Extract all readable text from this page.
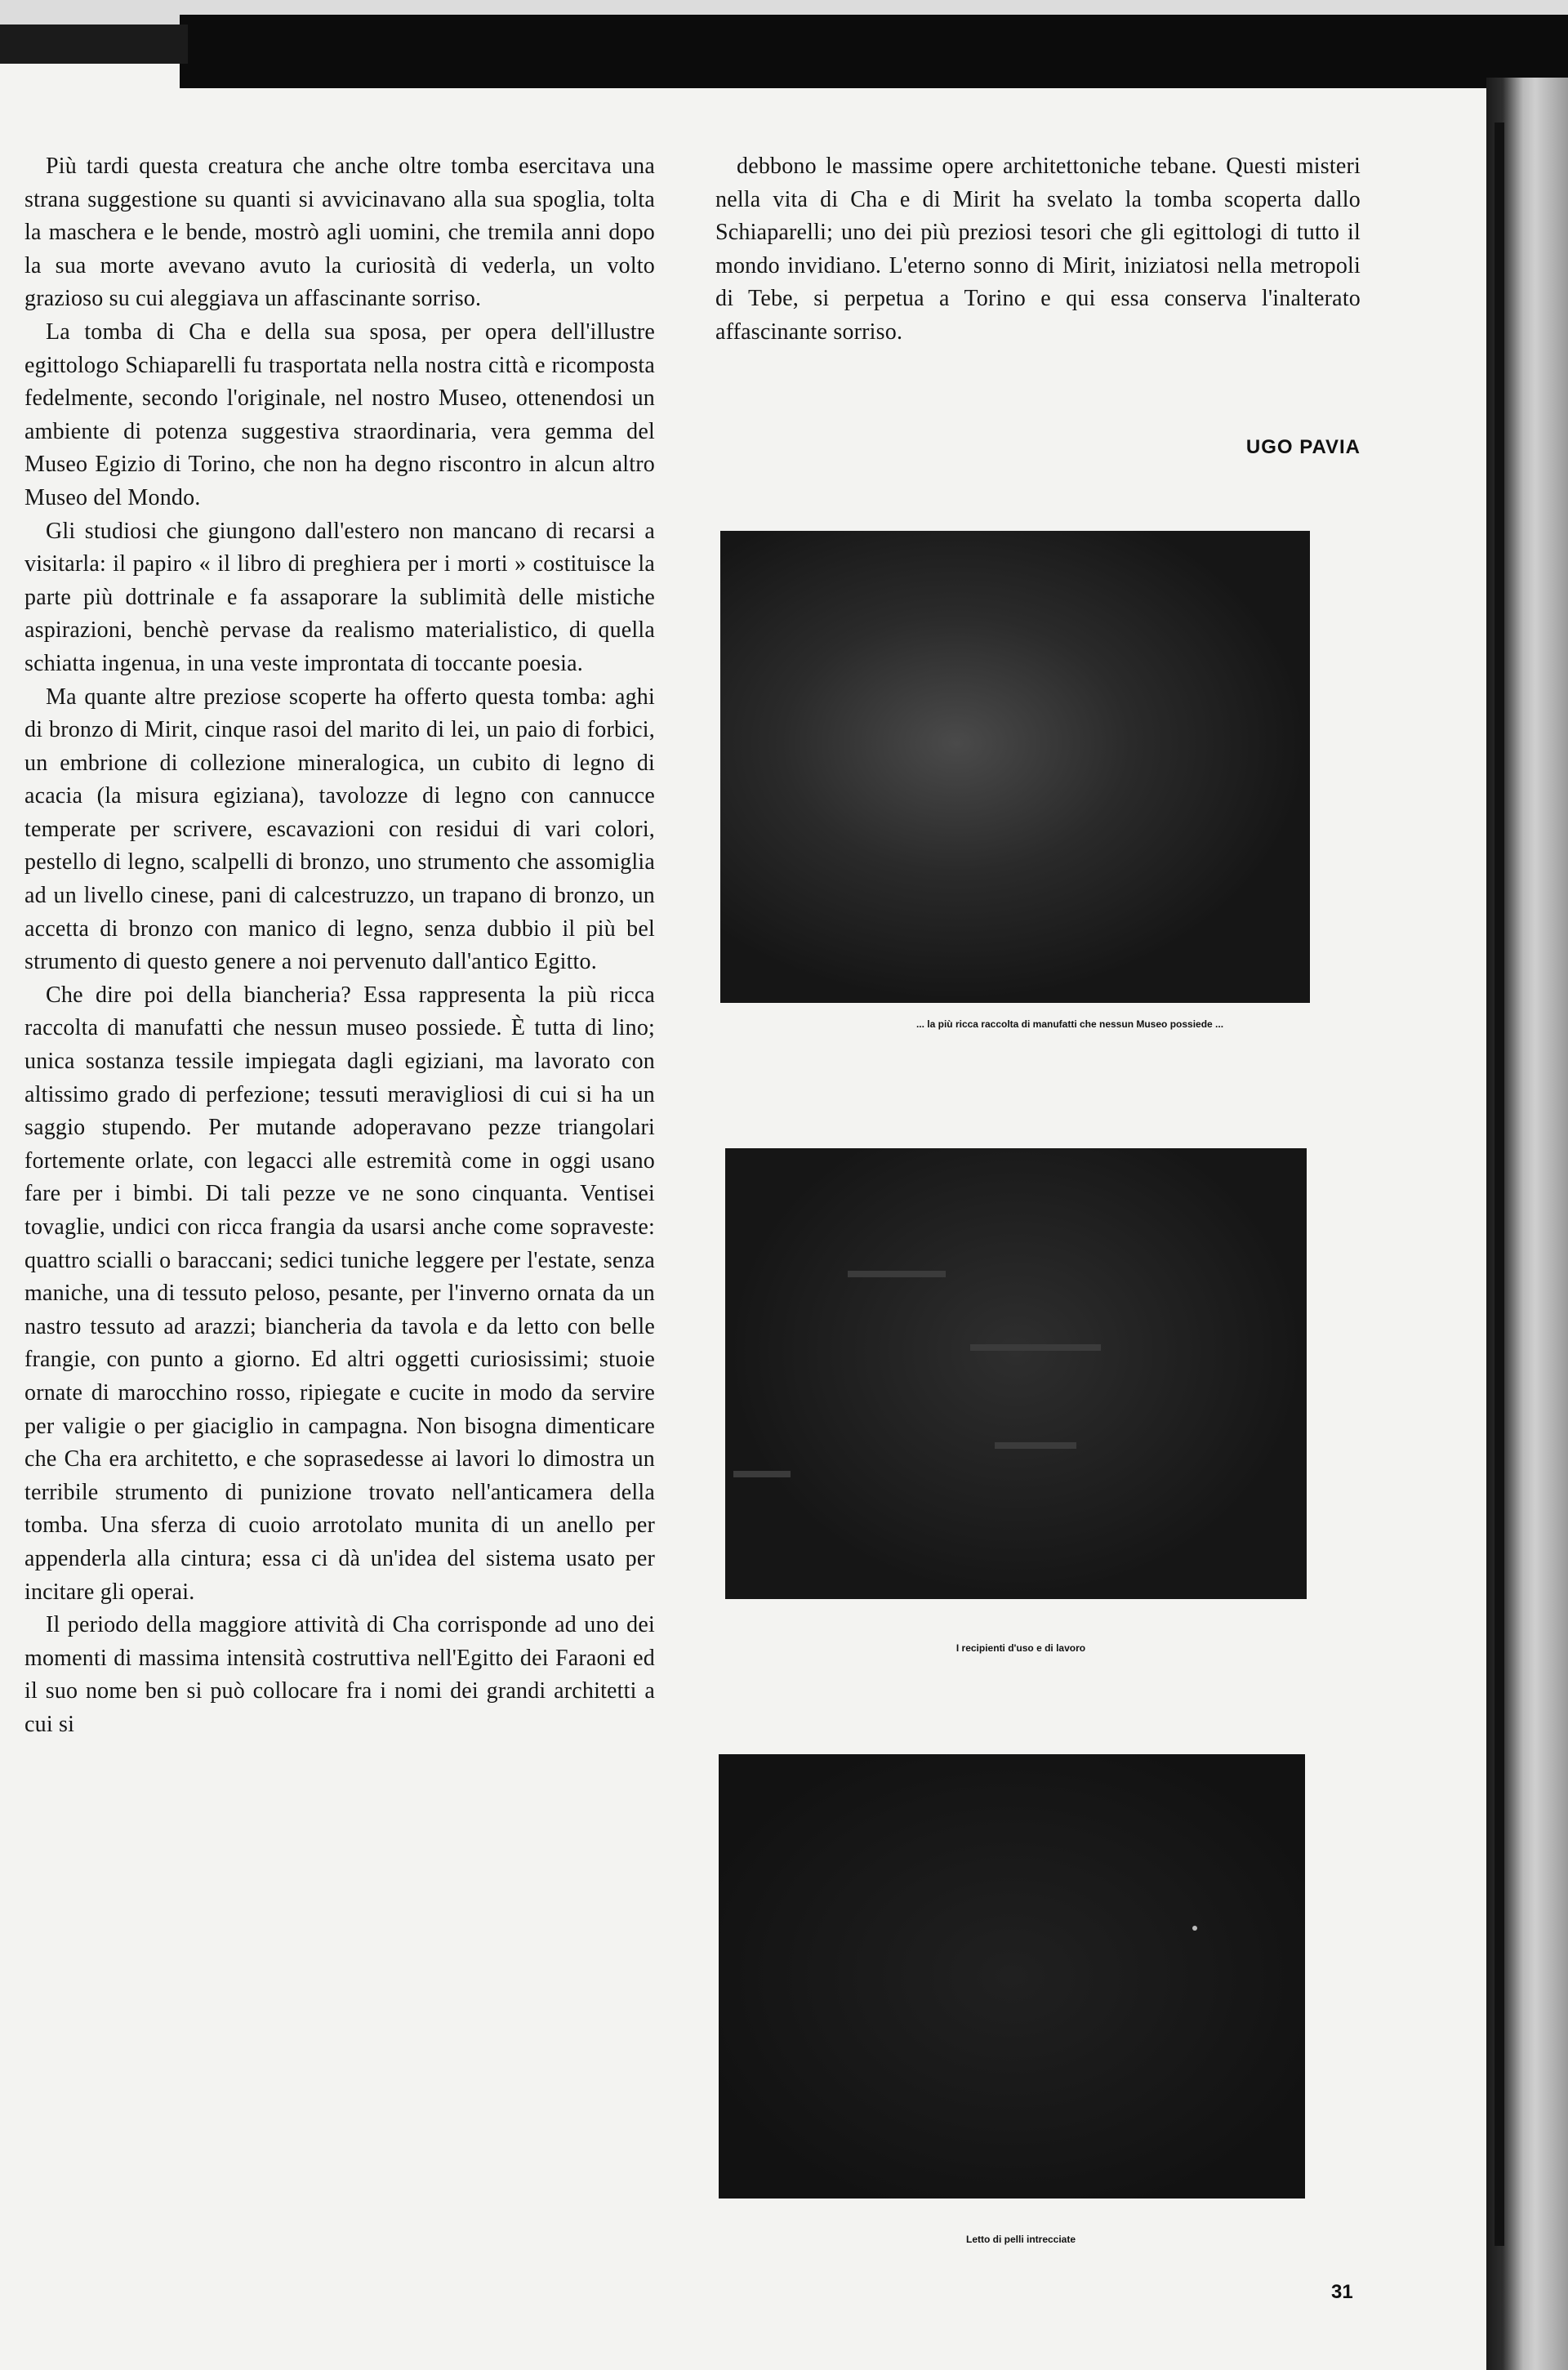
Più tardi questa creatura che anche oltre tomba esercitava una strana suggestione su quanti si avvicinavano alla sua spoglia, tolta la maschera e le bende, mostrò agli uomini, che tremila anni dopo la sua morte avevano avuto la curiosità di vederla, un volto grazioso su cui aleggiava un affascinante sorriso.

La tomba di Cha e della sua sposa, per opera dell'illustre egittologo Schiaparelli fu trasportata nella nostra città e ricomposta fedelmente, secondo l'originale, nel nostro Museo, ottenendosi un ambiente di potenza suggestiva straordinaria, vera gemma del Museo Egizio di Torino, che non ha degno riscontro in alcun altro Museo del Mondo.

Gli studiosi che giungono dall'estero non mancano di recarsi a visitarla: il papiro « il libro di preghiera per i morti » costituisce la parte più dottrinale e fa assaporare la sublimità delle mistiche aspirazioni, benchè pervase da realismo materialistico, di quella schiatta ingenua, in una veste improntata di toccante poesia.

Ma quante altre preziose scoperte ha offerto questa tomba: aghi di bronzo di Mirit, cinque rasoi del marito di lei, un paio di forbici, un embrione di collezione mineralogica, un cubito di legno di acacia (la misura egiziana), tavolozze di legno con cannucce temperate per scrivere, escavazioni con residui di vari colori, pestello di legno, scalpelli di bronzo, uno strumento che assomiglia ad un livello cinese, pani di calcestruzzo, un trapano di bronzo, un accetta di bronzo con manico di legno, senza dubbio il più bel strumento di questo genere a noi pervenuto dall'antico Egitto.

Che dire poi della biancheria? Essa rappresenta la più ricca raccolta di manufatti che nessun museo possiede. È tutta di lino; unica sostanza tessile impiegata dagli egiziani, ma lavorato con altissimo grado di perfezione; tessuti meravigliosi di cui si ha un saggio stupendo. Per mutande adoperavano pezze triangolari fortemente orlate, con legacci alle estremità come in oggi usano fare per i bimbi. Di tali pezze ve ne sono cinquanta. Ventisei tovaglie, undici con ricca frangia da usarsi anche come sopraveste: quattro scialli o baraccani; sedici tuniche leggere per l'estate, senza maniche, una di tessuto peloso, pesante, per l'inverno ornata da un nastro tessuto ad arazzi; biancheria da tavola e da letto con belle frangie, con punto a giorno. Ed altri oggetti curiosissimi; stuoie ornate di marocchino rosso, ripiegate e cucite in modo da servire per valigie o per giaciglio in campagna. Non bisogna dimenticare che Cha era architetto, e che soprasedesse ai lavori lo dimostra un terribile strumento di punizione trovato nell'anticamera della tomba. Una sferza di cuoio arrotolato munita di un anello per appenderla alla cintura; essa ci dà un'idea del sistema usato per incitare gli operai.

Il periodo della maggiore attività di Cha corrisponde ad uno dei momenti di massima intensità costruttiva nell'Egitto dei Faraoni ed il suo nome ben si può collocare fra i nomi dei grandi architetti a cui si

debbono le massime opere architettoniche tebane. Questi misteri nella vita di Cha e di Mirit ha svelato la tomba scoperta dallo Schiaparelli; uno dei più preziosi tesori che gli egittologi di tutto il mondo invidiano. L'eterno sonno di Mirit, iniziatosi nella metropoli di Tebe, si perpetua a Torino e qui essa conserva l'inalterato affascinante sorriso.

UGO PAVIA
... la più ricca raccolta di manufatti che nessun Museo possiede ...
I recipienti d'uso e di lavoro
Letto di pelli intrecciate
31
